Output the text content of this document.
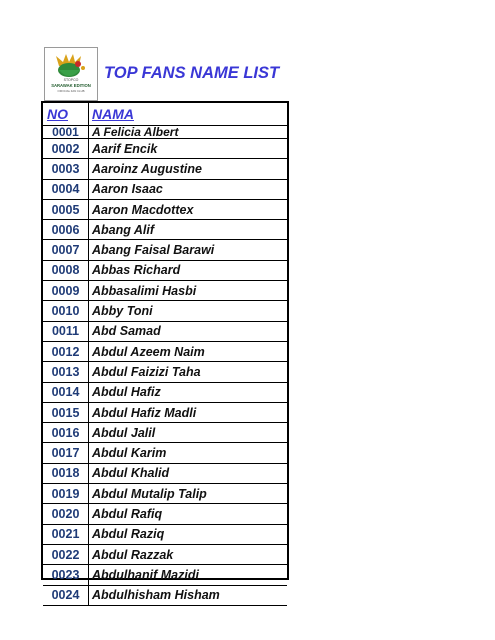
STOPCO
SARAWAK EDITION
OFFICIAL FAN CLUB
TOP FANS NAME LIST
NO	NAMA
0001	A Felicia Albert
0002	Aarif Encik
0003	Aaroinz Augustine
0004	Aaron Isaac
0005	Aaron Macdottex
0006	Abang Alif
0007	Abang Faisal Barawi
0008	Abbas Richard
0009	Abbasalimi Hasbi
0010	Abby Toni
0011	Abd Samad
0012	Abdul Azeem Naim
0013	Abdul Faizizi Taha
0014	Abdul Hafiz
0015	Abdul Hafiz Madli
0016	Abdul Jalil
0017	Abdul Karim
0018	Abdul Khalid
0019	Abdul Mutalip Talip
0020	Abdul Rafiq
0021	Abdul Raziq
0022	Abdul Razzak
0023	Abdulhanif Mazidi
0024	Abdulhisham Hisham
